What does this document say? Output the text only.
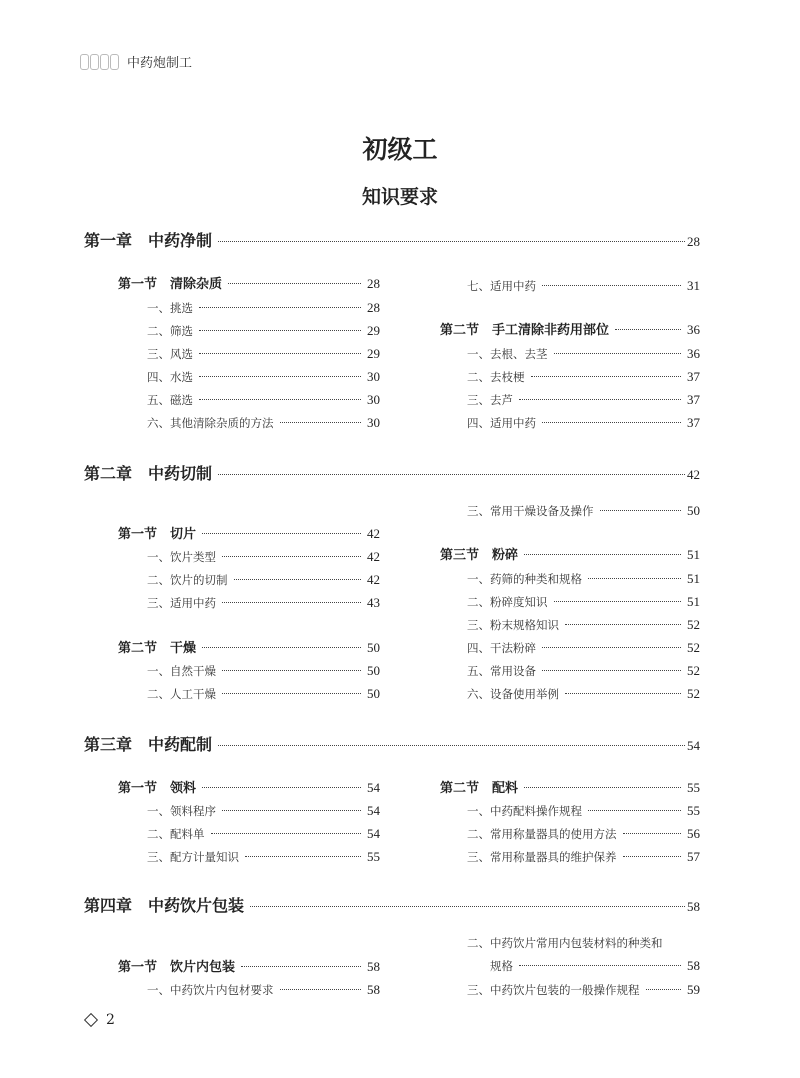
中药炮制工
初级工
知识要求
第一章　中药净制	28
第一节　清除杂质	28
一、挑选	28
二、筛选	29
三、风选	29
四、水选	30
五、磁选	30
六、其他清除杂质的方法	30
七、适用中药	31
第二节　手工清除非药用部位	36
一、去根、去茎	36
二、去枝梗	37
三、去芦	37
四、适用中药	37
第二章　中药切制	42
第一节　切片	42
一、饮片类型	42
二、饮片的切制	42
三、适用中药	43
第二节　干燥	50
一、自然干燥	50
二、人工干燥	50
三、常用干燥设备及操作	50
第三节　粉碎	51
一、药筛的种类和规格	51
二、粉碎度知识	51
三、粉末规格知识	52
四、干法粉碎	52
五、常用设备	52
六、设备使用举例	52
第三章　中药配制	54
第一节　领料	54
一、领料程序	54
二、配料单	54
三、配方计量知识	55
第二节　配料	55
一、中药配料操作规程	55
二、常用称量器具的使用方法	56
三、常用称量器具的维护保养	57
第四章　中药饮片包装	58
第一节　饮片内包装	58
一、中药饮片内包材要求	58
二、中药饮片常用内包装材料的种类和
规格	58
三、中药饮片包装的一般操作规程	59
2
